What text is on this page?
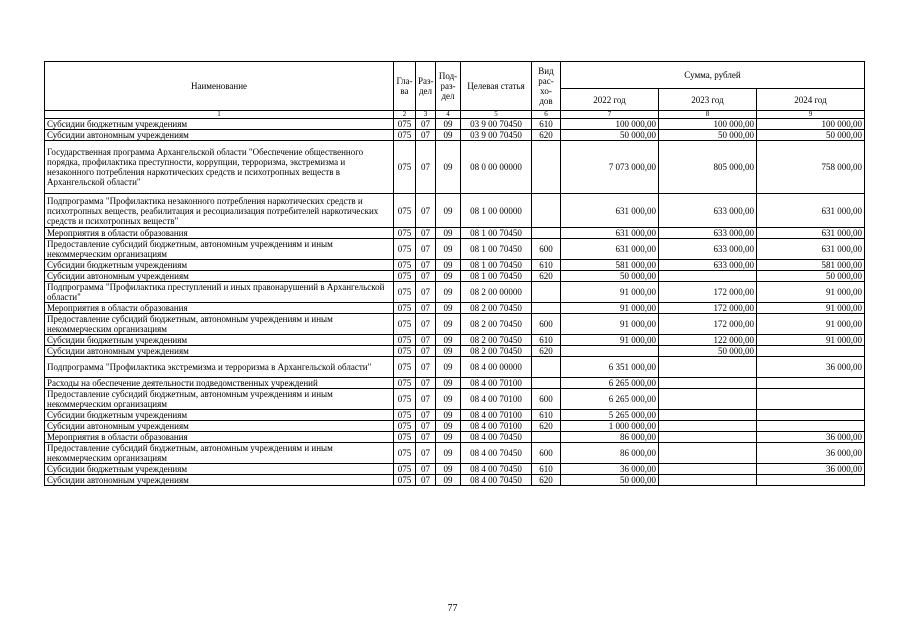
Наименование	Гла-ва	Раз-дел	Под-раз-дел	Целевая статья	Вид рас-хо-дов	Сумма, рублей		
						2022 год	2023 год	2024 год
1	2	3	4	5	6	7	8	9
Субсидии бюджетным учреждениям	075	07	09	03 9 00 70450	610	100 000,00	100 000,00	100 000,00
Субсидии автономным учреждениям	075	07	09	03 9 00 70450	620	50 000,00	50 000,00	50 000,00
Государственная программа Архангельской области "Обеспечение общественного порядка, профилактика преступности, коррупции, терроризма, экстремизма и незаконного потребления наркотических средств и психотропных веществ в Архангельской области"	075	07	09	08 0 00 00000		7 073 000,00	805 000,00	758 000,00
Подпрограмма "Профилактика незаконного потребления наркотических средств и психотропных веществ, реабилитация и ресоциализация потребителей наркотических средств и психотропных веществ"	075	07	09	08 1 00 00000		631 000,00	633 000,00	631 000,00
Мероприятия в области образования	075	07	09	08 1 00 70450		631 000,00	633 000,00	631 000,00
Предоставление субсидий бюджетным, автономным учреждениям и иным некоммерческим организациям	075	07	09	08 1 00 70450	600	631 000,00	633 000,00	631 000,00
Субсидии бюджетным учреждениям	075	07	09	08 1 00 70450	610	581 000,00	633 000,00	581 000,00
Субсидии автономным учреждениям	075	07	09	08 1 00 70450	620	50 000,00		50 000,00
Подпрограмма "Профилактика преступлений и иных правонарушений в Архангельской области"	075	07	09	08 2 00 00000		91 000,00	172 000,00	91 000,00
Мероприятия в области образования	075	07	09	08 2 00 70450		91 000,00	172 000,00	91 000,00
Предоставление субсидий бюджетным, автономным учреждениям и иным некоммерческим организациям	075	07	09	08 2 00 70450	600	91 000,00	172 000,00	91 000,00
Субсидии бюджетным учреждениям	075	07	09	08 2 00 70450	610	91 000,00	122 000,00	91 000,00
Субсидии автономным учреждениям	075	07	09	08 2 00 70450	620		50 000,00	
Подпрограмма "Профилактика экстремизма и терроризма в Архангельской области"	075	07	09	08 4 00 00000		6 351 000,00		36 000,00
Расходы на обеспечение деятельности подведомственных учреждений	075	07	09	08 4 00 70100		6 265 000,00		
Предоставление субсидий бюджетным, автономным учреждениям и иным некоммерческим организациям	075	07	09	08 4 00 70100	600	6 265 000,00		
Субсидии бюджетным учреждениям	075	07	09	08 4 00 70100	610	5 265 000,00		
Субсидии автономным учреждениям	075	07	09	08 4 00 70100	620	1 000 000,00		
Мероприятия в области образования	075	07	09	08 4 00 70450		86 000,00		36 000,00
Предоставление субсидий бюджетным, автономным учреждениям и иным некоммерческим организациям	075	07	09	08 4 00 70450	600	86 000,00		36 000,00
Субсидии бюджетным учреждениям	075	07	09	08 4 00 70450	610	36 000,00		36 000,00
Субсидии автономным учреждениям	075	07	09	08 4 00 70450	620	50 000,00		
77
